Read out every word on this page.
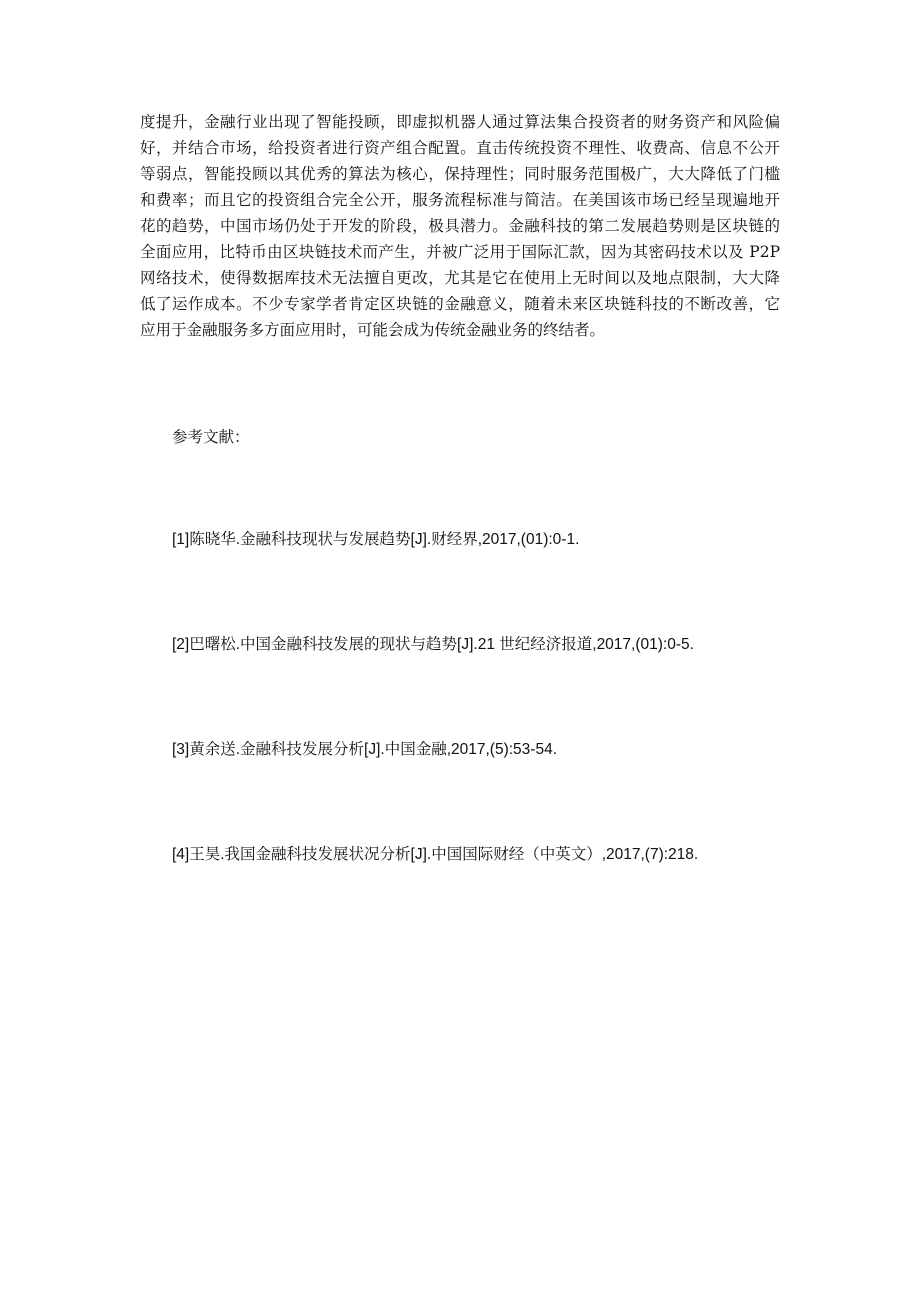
度提升，金融行业出现了智能投顾，即虚拟机器人通过算法集合投资者的财务资产和风险偏
好，并结合市场，给投资者进行资产组合配置。直击传统投资不理性、收费高、信息不公开
等弱点，智能投顾以其优秀的算法为核心，保持理性；同时服务范围极广，大大降低了门槛
和费率；而且它的投资组合完全公开，服务流程标准与简洁。在美国该市场已经呈现遍地开
花的趋势，中国市场仍处于开发的阶段，极具潜力。金融科技的第二发展趋势则是区块链的
全面应用，比特币由区块链技术而产生，并被广泛用于国际汇款，因为其密码技术以及 P2P
网络技术，使得数据库技术无法擅自更改，尤其是它在使用上无时间以及地点限制，大大降
低了运作成本。不少专家学者肯定区块链的金融意义，随着未来区块链科技的不断改善，它
应用于金融服务多方面应用时，可能会成为传统金融业务的终结者。
参考文献：
[1]陈晓华.金融科技现状与发展趋势[J].财经界,2017,(01):0-1.
[2]巴曙松.中国金融科技发展的现状与趋势[J].21 世纪经济报道,2017,(01):0-5.
[3]黄余送.金融科技发展分析[J].中国金融,2017,(5):53-54.
[4]王昊.我国金融科技发展状况分析[J].中国国际财经（中英文）,2017,(7):218.
